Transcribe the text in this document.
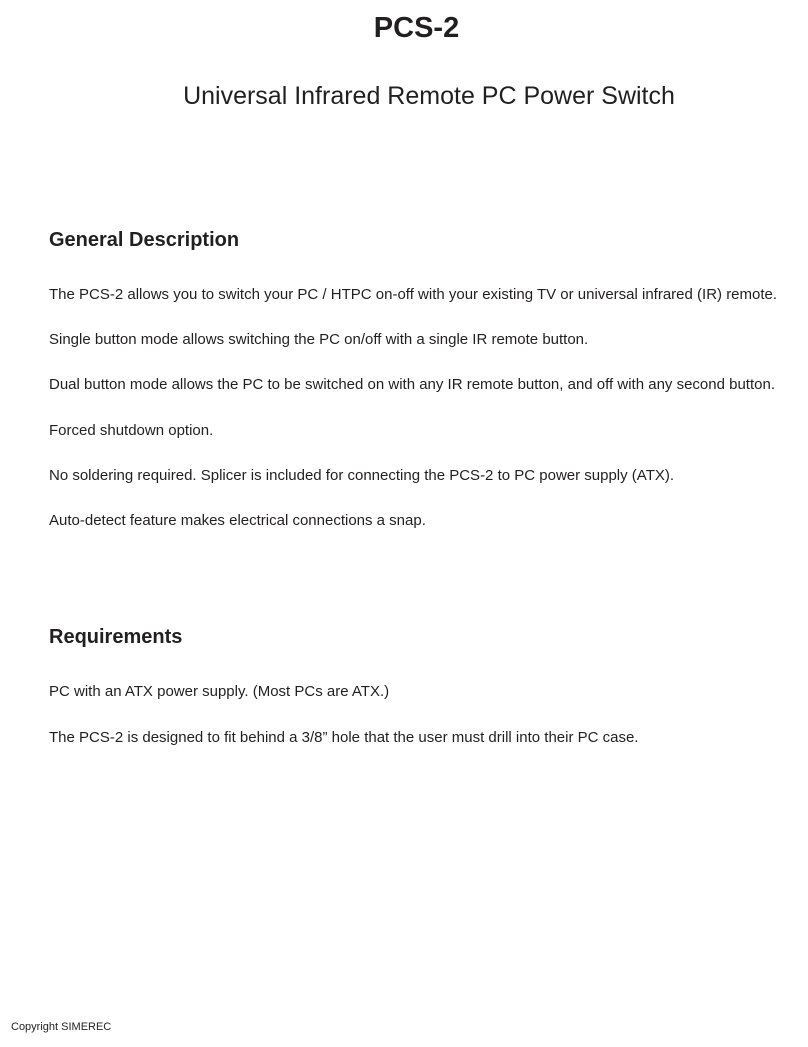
PCS-2
Universal Infrared Remote PC Power Switch
General Description

The PCS-2 allows you to switch your PC / HTPC on-off with your existing TV or universal infrared (IR) remote.

Single button mode allows switching the PC on/off with a single IR remote button.

Dual button mode allows the PC to be switched on with any IR remote button, and off with any second button.

Forced shutdown option.

No soldering required. Splicer is included for connecting the PCS-2 to PC power supply (ATX).

Auto-detect feature makes electrical connections a snap.

Requirements

PC with an ATX power supply. (Most PCs are ATX.)

The PCS-2 is designed to fit behind a 3/8” hole that the user must drill into their PC case.

Copyright SIMEREC
